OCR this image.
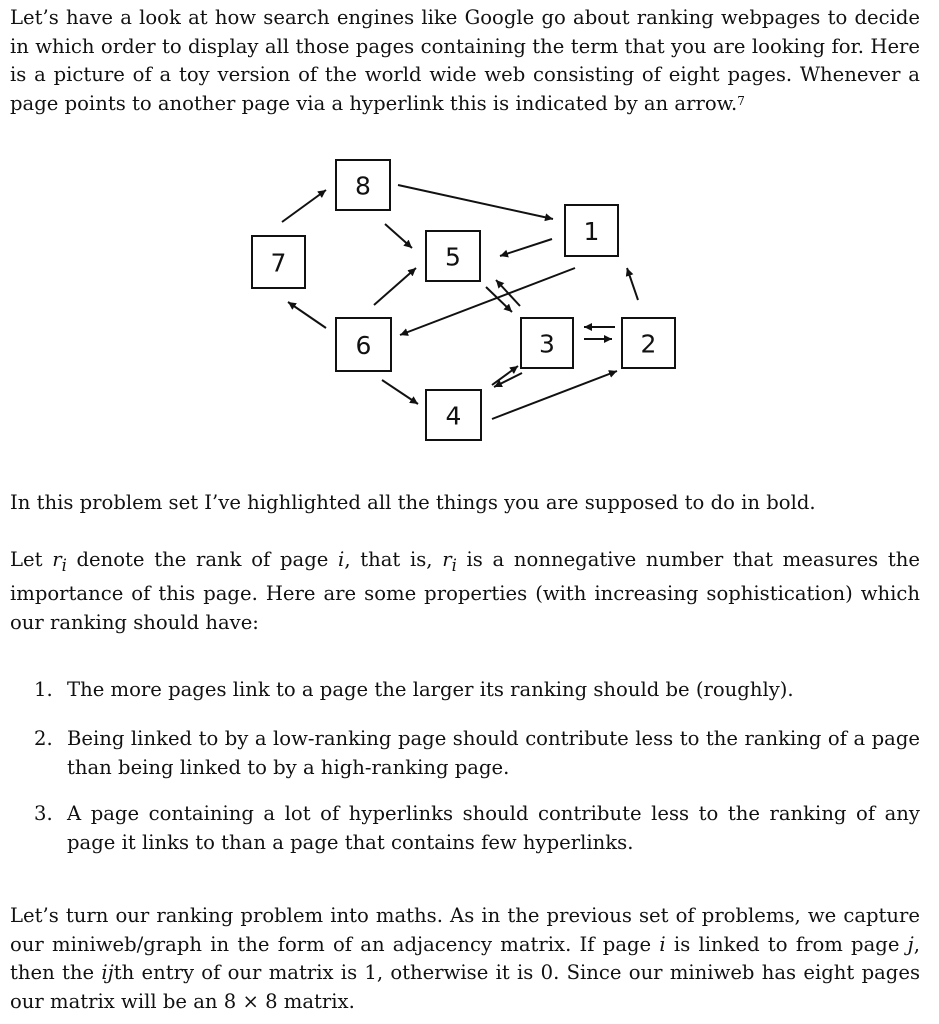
Let’s have a look at how search engines like Google go about ranking webpages to decide in which order to display all those pages containing the term that you are looking for. Here is a picture of a toy version of the world wide web consisting of eight pages. Whenever a page points to another page via a hyperlink this is indicated by an arrow.$^7$

1
2
3
4
5
6
7
8

In this problem set I’ve highlighted all the things you are supposed to do in bold.

Let $r_i$ denote the rank of page i, that is, $r_i$ is a nonnegative number that measures the importance of this page. Here are some properties (with increasing sophistication) which our ranking should have:

1. The more pages link to a page the larger its ranking should be (roughly).
2. Being linked to by a low-ranking page should contribute less to the ranking of a page than being linked to by a high-ranking page.
3. A page containing a lot of hyperlinks should contribute less to the ranking of any page it links to than a page that contains few hyperlinks.

Let’s turn our ranking problem into maths. As in the previous set of problems, we capture our miniweb/graph in the form of an adjacency matrix. If page i is linked to from page j, then the ijth entry of our matrix is 1, otherwise it is 0. Since our miniweb has eight pages our matrix will be an 8 × 8 matrix.
